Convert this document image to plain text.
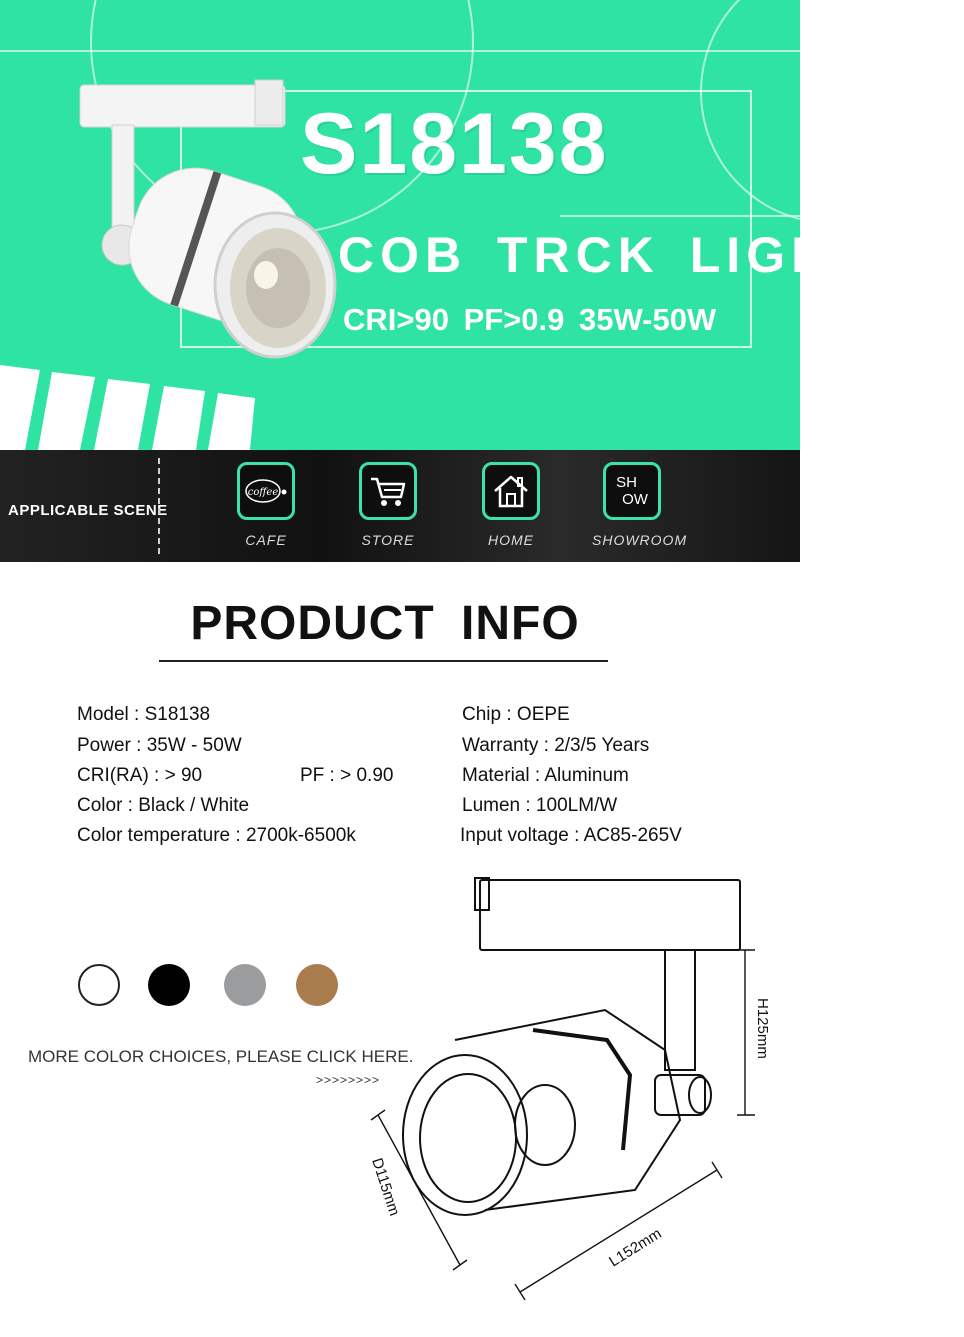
S18138
COB TRCK LIGHT
CRI>90 PF>0.9 35W-50W
APPLICABLE SCENE
coffee
CAFE	STORE	HOME
SH
OW
SHOWROOM
PRODUCT INFO
Model : S18138
Power : 35W - 50W
CRI(RA) : > 90	PF : > 0.90
Color : Black / White
Color temperature : 2700k-6500k
Chip : OEPE
Warranty : 2/3/5 Years
Material : Aluminum
Lumen : 100LM/W
Input voltage : AC85-265V
MORE COLOR CHOICES, PLEASE CLICK HERE.
>>>>>>>>
H125mm
D115mm
L152mm
